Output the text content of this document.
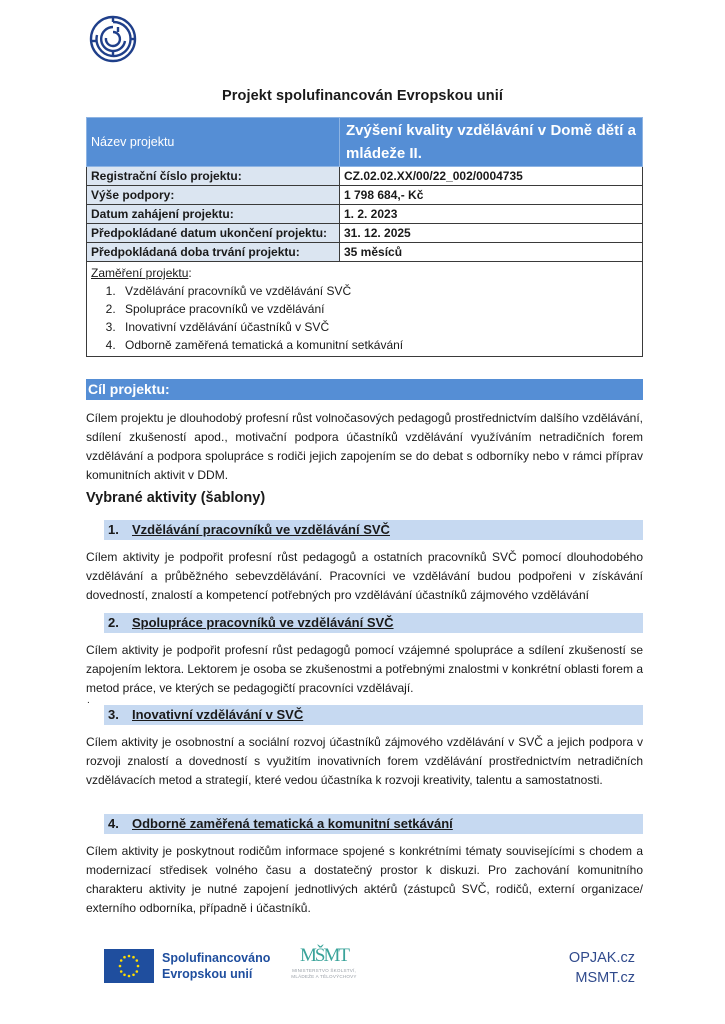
Projekt spolufinancován Evropskou unií
Název projektu	Zvýšení kvality vzdělávání v Domě dětí a mládeže II.
Registrační číslo projektu:	CZ.02.02.XX/00/22_002/0004735
Výše podpory:	1 798 684,- Kč
Datum zahájení projektu:	1. 2. 2023
Předpokládané datum ukončení projektu:	31. 12. 2025
Předpokládaná doba trvání projektu:	35 měsíců

Zaměření projektu:
1. Vzdělávání pracovníků ve vzdělávání SVČ
2. Spolupráce pracovníků ve vzdělávání
3. Inovativní vzdělávání účastníků v SVČ
4. Odborně zaměřená tematická a komunitní setkávání
Cíl projektu:
Cílem projektu je dlouhodobý profesní růst volnočasových pedagogů prostřednictvím dalšího vzdělávání, sdílení zkušeností apod., motivační podpora účastníků vzdělávání využíváním netradičních forem vzdělávání a podpora spolupráce s rodiči jejich zapojením se do debat s odborníky nebo v rámci příprav komunitních aktivit v DDM.
Vybrané aktivity (šablony)
1. Vzdělávání pracovníků ve vzdělávání SVČ
Cílem aktivity je podpořit profesní růst pedagogů a ostatních pracovníků SVČ pomocí dlouhodobého vzdělávání a průběžného sebevzdělávání. Pracovníci ve vzdělávání budou podpořeni v získávání dovedností, znalostí a kompetencí potřebných pro vzdělávání účastníků zájmového vzdělávání
2. Spolupráce pracovníků ve vzdělávání SVČ
Cílem aktivity je podpořit profesní růst pedagogů pomocí vzájemné spolupráce a sdílení zkušeností se zapojením lektora. Lektorem je osoba se zkušenostmi a potřebnými znalostmi v konkrétní oblasti forem a metod práce, ve kterých se pedagogičtí pracovníci vzdělávají.
.
3. Inovativní vzdělávání v SVČ
Cílem aktivity je osobnostní a sociální rozvoj účastníků zájmového vzdělávání v SVČ a jejich podpora v rozvoji znalostí a dovedností s využitím inovativních forem vzdělávání prostřednictvím netradičních vzdělávacích metod a strategií, které vedou účastníka k rozvoji kreativity, talentu a samostatnosti.
4. Odborně zaměřená tematická a komunitní setkávání
Cílem aktivity je poskytnout rodičům informace spojené s konkrétními tématy souvisejícími s chodem a modernizací středisek volného času a dostatečný prostor k diskuzi. Pro zachování komunitního charakteru aktivity je nutné zapojení jednotlivých aktérů (zástupců SVČ, rodičů, externí organizace/ externího odborníka, případně i účastníků.
Spolufinancováno
Evropskou unií
MŠMT
MINISTERSTVO ŠKOLSTVÍ,
MLÁDEŽE A TĚLOVÝCHOVY
OPJAK.cz
MSMT.cz
